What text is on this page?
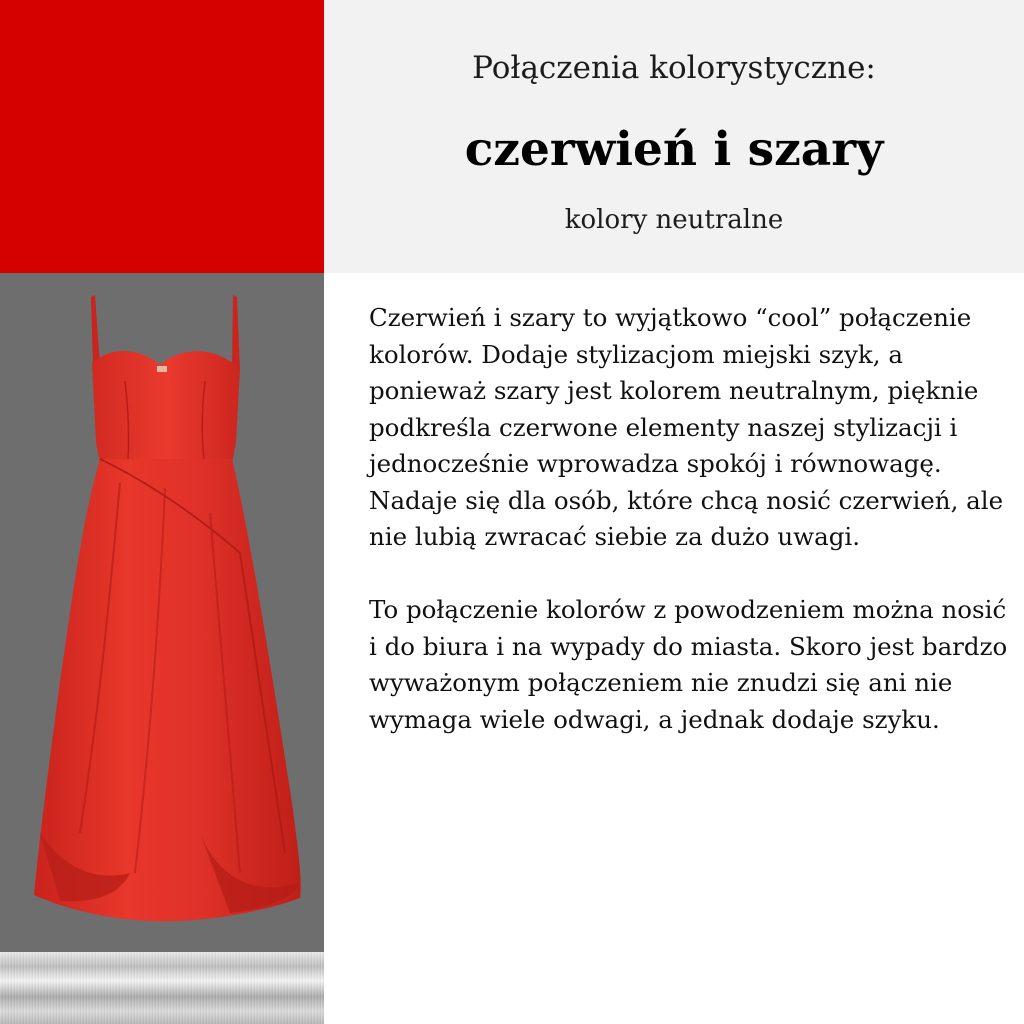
Połączenia kolorystyczne:
czerwień i szary
kolory neutralne

Czerwień i szary to wyjątkowo “cool” połączenie kolorów. Dodaje stylizacjom miejski szyk, a ponieważ szary jest kolorem neutralnym, pięknie podkreśla czerwone elementy naszej stylizacji i jednocześnie wprowadza spokój i równowagę. Nadaje się dla osób, które chcą nosić czerwień, ale nie lubią zwracać siebie za dużo uwagi.

To połączenie kolorów z powodzeniem można nosić i do biura i na wypady do miasta. Skoro jest bardzo wyważonym połączeniem nie znudzi się ani nie wymaga wiele odwagi, a jednak dodaje szyku.
